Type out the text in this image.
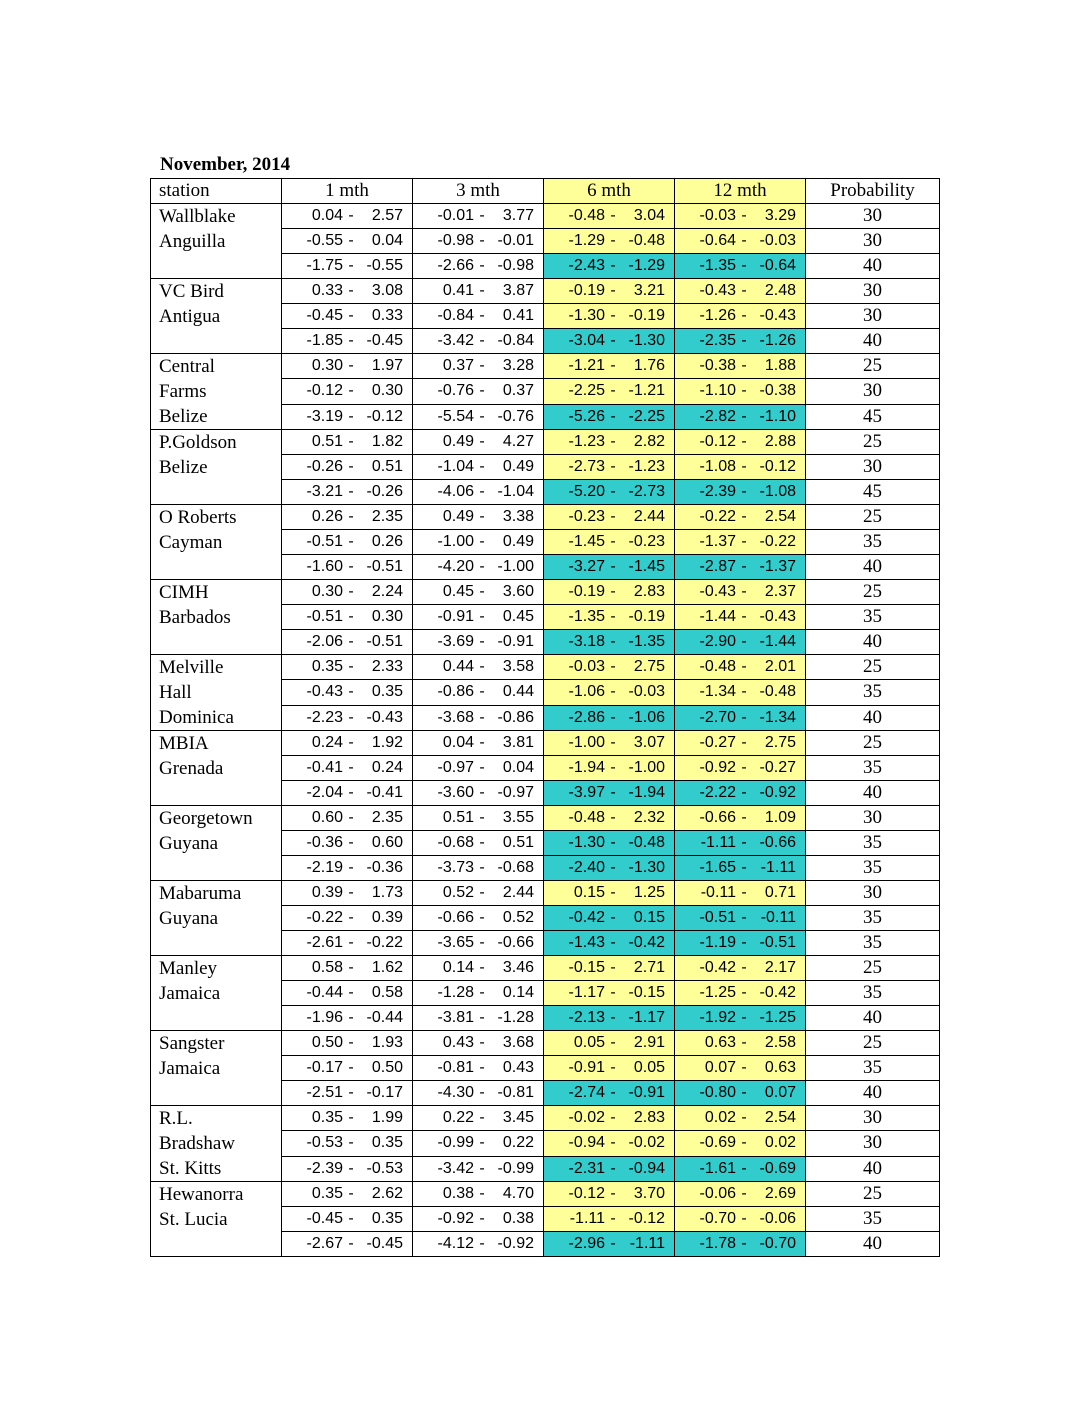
November, 2014
station	1 mth	3 mth	6 mth	12 mth	Probability

Wallblake
Anguilla	0.04 - 2.57	-0.01 - 3.77	-0.48 - 3.04	-0.03 - 3.29	30
	-0.55 - 0.04	-0.98 - -0.01	-1.29 - -0.48	-0.64 - -0.03	30
	-1.75 - -0.55	-2.66 - -0.98	-2.43 - -1.29	-1.35 - -0.64	40

VC Bird
Antigua	0.33 - 3.08	0.41 - 3.87	-0.19 - 3.21	-0.43 - 2.48	30
	-0.45 - 0.33	-0.84 - 0.41	-1.30 - -0.19	-1.26 - -0.43	30
	-1.85 - -0.45	-3.42 - -0.84	-3.04 - -1.30	-2.35 - -1.26	40

Central
Farms
Belize	0.30 - 1.97	0.37 - 3.28	-1.21 - 1.76	-0.38 - 1.88	25
	-0.12 - 0.30	-0.76 - 0.37	-2.25 - -1.21	-1.10 - -0.38	30
	-3.19 - -0.12	-5.54 - -0.76	-5.26 - -2.25	-2.82 - -1.10	45

P.Goldson
Belize	0.51 - 1.82	0.49 - 4.27	-1.23 - 2.82	-0.12 - 2.88	25
	-0.26 - 0.51	-1.04 - 0.49	-2.73 - -1.23	-1.08 - -0.12	30
	-3.21 - -0.26	-4.06 - -1.04	-5.20 - -2.73	-2.39 - -1.08	45

O Roberts
Cayman	0.26 - 2.35	0.49 - 3.38	-0.23 - 2.44	-0.22 - 2.54	25
	-0.51 - 0.26	-1.00 - 0.49	-1.45 - -0.23	-1.37 - -0.22	35
	-1.60 - -0.51	-4.20 - -1.00	-3.27 - -1.45	-2.87 - -1.37	40

CIMH
Barbados	0.30 - 2.24	0.45 - 3.60	-0.19 - 2.83	-0.43 - 2.37	25
	-0.51 - 0.30	-0.91 - 0.45	-1.35 - -0.19	-1.44 - -0.43	35
	-2.06 - -0.51	-3.69 - -0.91	-3.18 - -1.35	-2.90 - -1.44	40

Melville
Hall
Dominica	0.35 - 2.33	0.44 - 3.58	-0.03 - 2.75	-0.48 - 2.01	25
	-0.43 - 0.35	-0.86 - 0.44	-1.06 - -0.03	-1.34 - -0.48	35
	-2.23 - -0.43	-3.68 - -0.86	-2.86 - -1.06	-2.70 - -1.34	40

MBIA
Grenada	0.24 - 1.92	0.04 - 3.81	-1.00 - 3.07	-0.27 - 2.75	25
	-0.41 - 0.24	-0.97 - 0.04	-1.94 - -1.00	-0.92 - -0.27	35
	-2.04 - -0.41	-3.60 - -0.97	-3.97 - -1.94	-2.22 - -0.92	40

Georgetown
Guyana	0.60 - 2.35	0.51 - 3.55	-0.48 - 2.32	-0.66 - 1.09	30
	-0.36 - 0.60	-0.68 - 0.51	-1.30 - -0.48	-1.11 - -0.66	35
	-2.19 - -0.36	-3.73 - -0.68	-2.40 - -1.30	-1.65 - -1.11	35

Mabaruma
Guyana	0.39 - 1.73	0.52 - 2.44	0.15 - 1.25	-0.11 - 0.71	30
	-0.22 - 0.39	-0.66 - 0.52	-0.42 - 0.15	-0.51 - -0.11	35
	-2.61 - -0.22	-3.65 - -0.66	-1.43 - -0.42	-1.19 - -0.51	35

Manley
Jamaica	0.58 - 1.62	0.14 - 3.46	-0.15 - 2.71	-0.42 - 2.17	25
	-0.44 - 0.58	-1.28 - 0.14	-1.17 - -0.15	-1.25 - -0.42	35
	-1.96 - -0.44	-3.81 - -1.28	-2.13 - -1.17	-1.92 - -1.25	40

Sangster
Jamaica	0.50 - 1.93	0.43 - 3.68	0.05 - 2.91	0.63 - 2.58	25
	-0.17 - 0.50	-0.81 - 0.43	-0.91 - 0.05	0.07 - 0.63	35
	-2.51 - -0.17	-4.30 - -0.81	-2.74 - -0.91	-0.80 - 0.07	40

R.L.
Bradshaw
St. Kitts	0.35 - 1.99	0.22 - 3.45	-0.02 - 2.83	0.02 - 2.54	30
	-0.53 - 0.35	-0.99 - 0.22	-0.94 - -0.02	-0.69 - 0.02	30
	-2.39 - -0.53	-3.42 - -0.99	-2.31 - -0.94	-1.61 - -0.69	40

Hewanorra
St. Lucia	0.35 - 2.62	0.38 - 4.70	-0.12 - 3.70	-0.06 - 2.69	25
	-0.45 - 0.35	-0.92 - 0.38	-1.11 - -0.12	-0.70 - -0.06	35
	-2.67 - -0.45	-4.12 - -0.92	-2.96 - -1.11	-1.78 - -0.70	40
